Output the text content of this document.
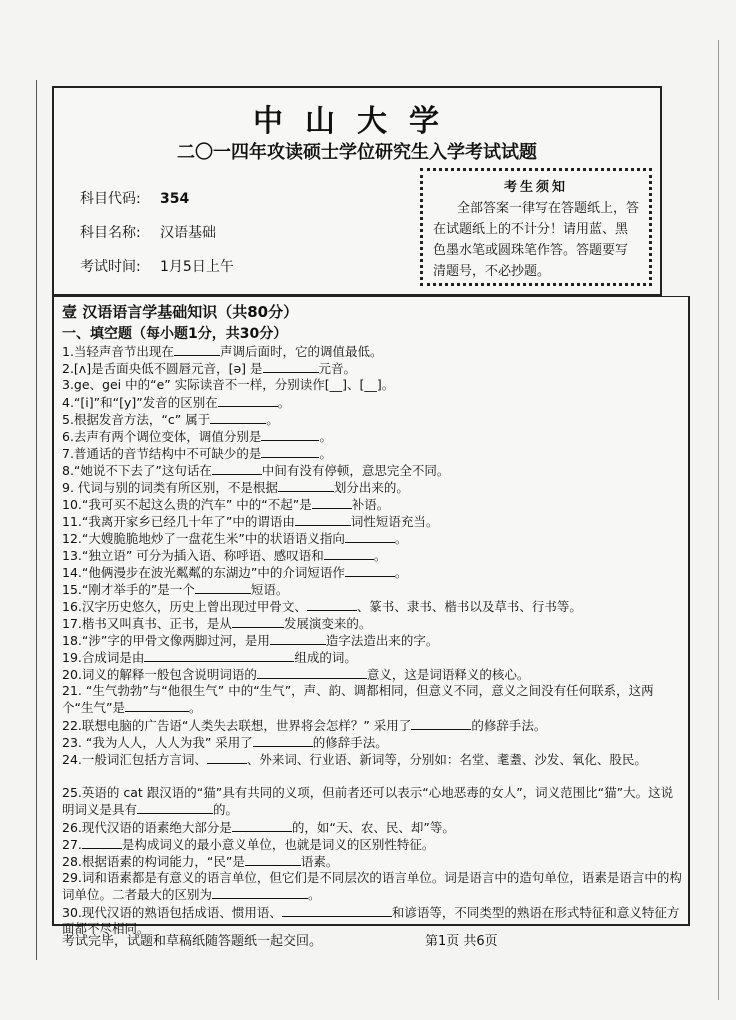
中山大学
二〇一四年攻读硕士学位研究生入学考试试题
科目代码: 354
科目名称: 汉语基础
考试时间: 1月5日上午
考生须知

全部答案一律写在答题纸上，答在试题纸上的不计分！请用蓝、黑色墨水笔或圆珠笔作答。答题要写清题号，不必抄题。

壹 汉语语言学基础知识（共80分）
一、填空题（每小题1分，共30分）
1.当轻声音节出现在	声调后面时，它的调值最低。
2.[ʌ]是舌面央低不圆唇元音，[ə] 是	元音。
3.ge、gei 中的“e” 实际读音不一样，分别读作[__]、[__]。
4.“[i]”和“[y]”发音的区别在	。
5.根据发音方法，“c” 属于	。
6.去声有两个调位变体，调值分别是	。
7.普通话的音节结构中不可缺少的是	。
8.“她说不下去了”这句话在	中间有没有停顿，意思完全不同。
9. 代词与别的词类有所区别，不是根据	划分出来的。
10.“我可买不起这么贵的汽车” 中的“不起”是	补语。
11.“我离开家乡已经几十年了”中的谓语由	词性短语充当。
12.“大嫂脆脆地炒了一盘花生米”中的状语语义指向	。
13.“独立语” 可分为插入语、称呼语、感叹语和	。
14.“他俩漫步在波光粼粼的东湖边”中的介词短语作	。
15.“刚才举手的”是一个	短语。
16.汉字历史悠久，历史上曾出现过甲骨文、	、篆书、隶书、楷书以及草书、行书等。
17.楷书又叫真书、正书，是从	发展演变来的。
18.“涉”字的甲骨文像两脚过河，是用	造字法造出来的字。
19.合成词是由	组成的词。
20.词义的解释一般包含说明词语的	意义，这是词语释义的核心。
21. “生气勃勃”与“他很生气” 中的“生气”，声、韵、调都相同，但意义不同，意义之间没有任何联系，这两个“生气”是	。
22.联想电脑的广告语“人类失去联想，世界将会怎样？” 采用了	的修辞手法。
23. “我为人人，人人为我” 采用了	的修辞手法。
24.一般词汇包括方言词、	、外来词、行业语、新词等，分别如：名堂、耄耋、沙发、氧化、股民。
25.英语的 cat 跟汉语的“猫”具有共同的义项，但前者还可以表示“心地恶毒的女人”，词义范围比“猫”大。这说明词义是具有	的。
26.现代汉语的语素绝大部分是	的，如“天、农、民、却”等。
27.	是构成词义的最小意义单位，也就是词义的区别性特征。
28.根据语素的构词能力，“民”是	语素。
29.词和语素都是有意义的语言单位，但它们是不同层次的语言单位。词是语言中的造句单位，语素是语言中的构词单位。二者最大的区别为	。
30.现代汉语的熟语包括成语、惯用语、	和谚语等，不同类型的熟语在形式特征和意义特征方面都不尽相同。
考试完毕，试题和草稿纸随答题纸一起交回。	第1页 共6页
